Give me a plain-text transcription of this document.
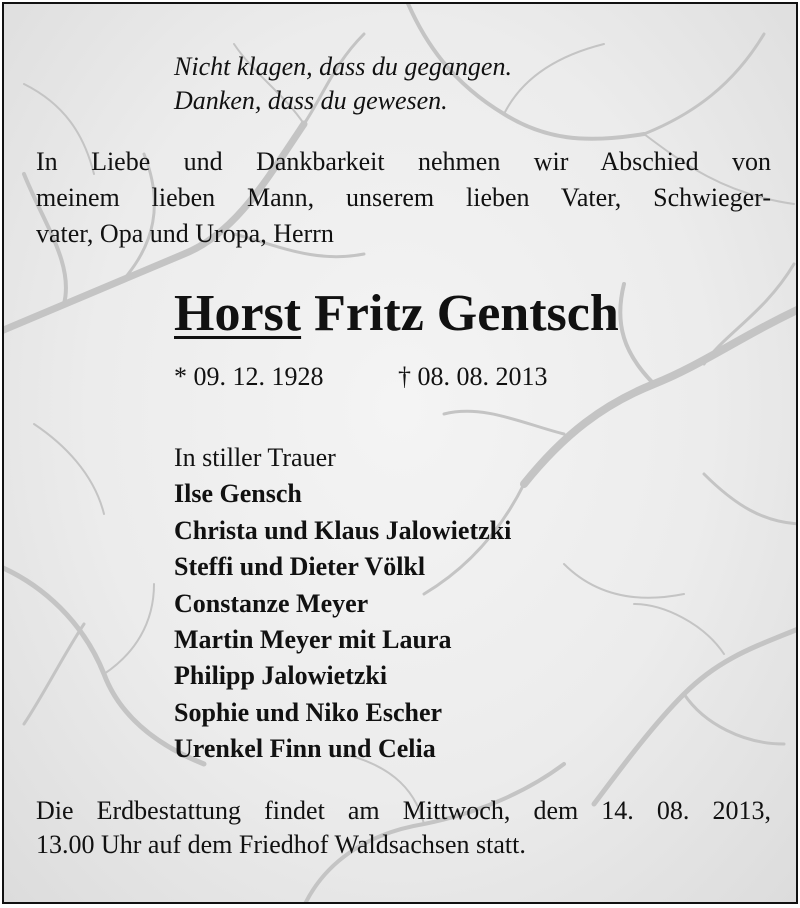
Nicht klagen, dass du gegangen.
Danken, dass du gewesen.
In Liebe und Dankbarkeit nehmen wir Abschied von
meinem lieben Mann, unserem lieben Vater, Schwieger-
vater, Opa und Uropa, Herrn
Horst Fritz Gentsch
* 09. 12. 1928	† 08. 08. 2013
In stiller Trauer
Ilse Gensch
Christa und Klaus Jalowietzki
Steffi und Dieter Völkl
Constanze Meyer
Martin Meyer mit Laura
Philipp Jalowietzki
Sophie und Niko Escher
Urenkel Finn und Celia
Die Erdbestattung findet am Mittwoch, dem 14. 08. 2013,
13.00 Uhr auf dem Friedhof Waldsachsen statt.
